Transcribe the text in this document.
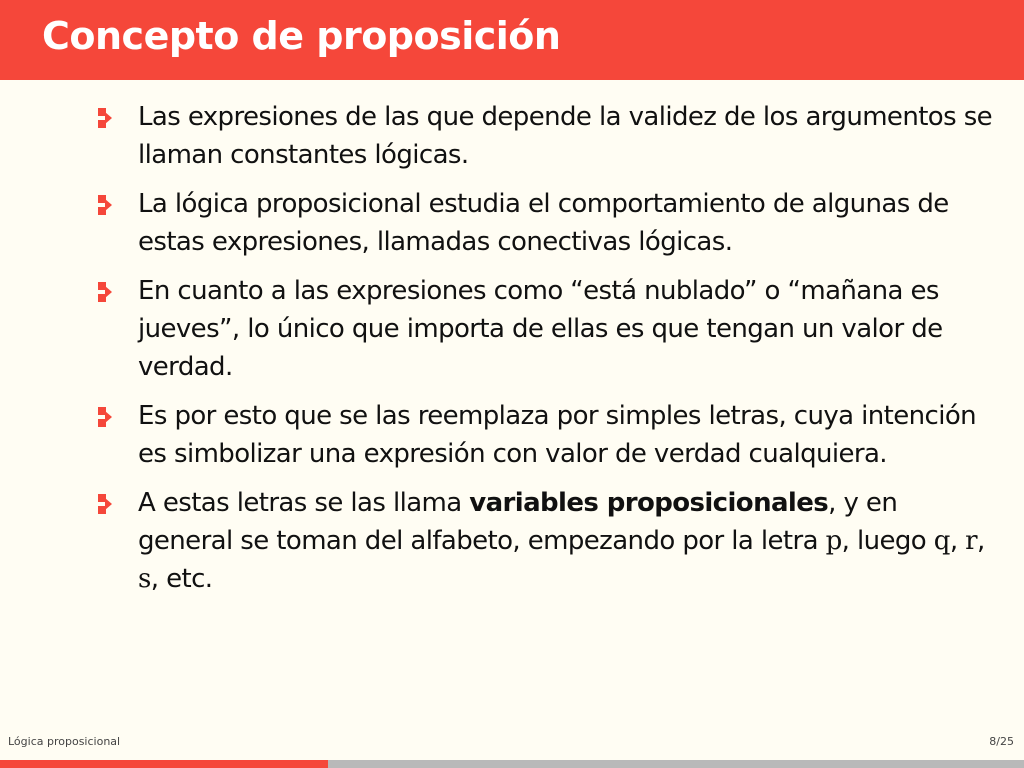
Concepto de proposición
Las expresiones de las que depende la validez de los argumentos se llaman constantes lógicas.
La lógica proposicional estudia el comportamiento de algunas de estas expresiones, llamadas conectivas lógicas.
En cuanto a las expresiones como “está nublado” o “mañana es jueves”, lo único que importa de ellas es que tengan un valor de verdad.
Es por esto que se las reemplaza por simples letras, cuya intención es simbolizar una expresión con valor de verdad cualquiera.
A estas letras se las llama variables proposicionales, y en general se toman del alfabeto, empezando por la letra p, luego q, r, s, etc.
Lógica proposicional	8/25
